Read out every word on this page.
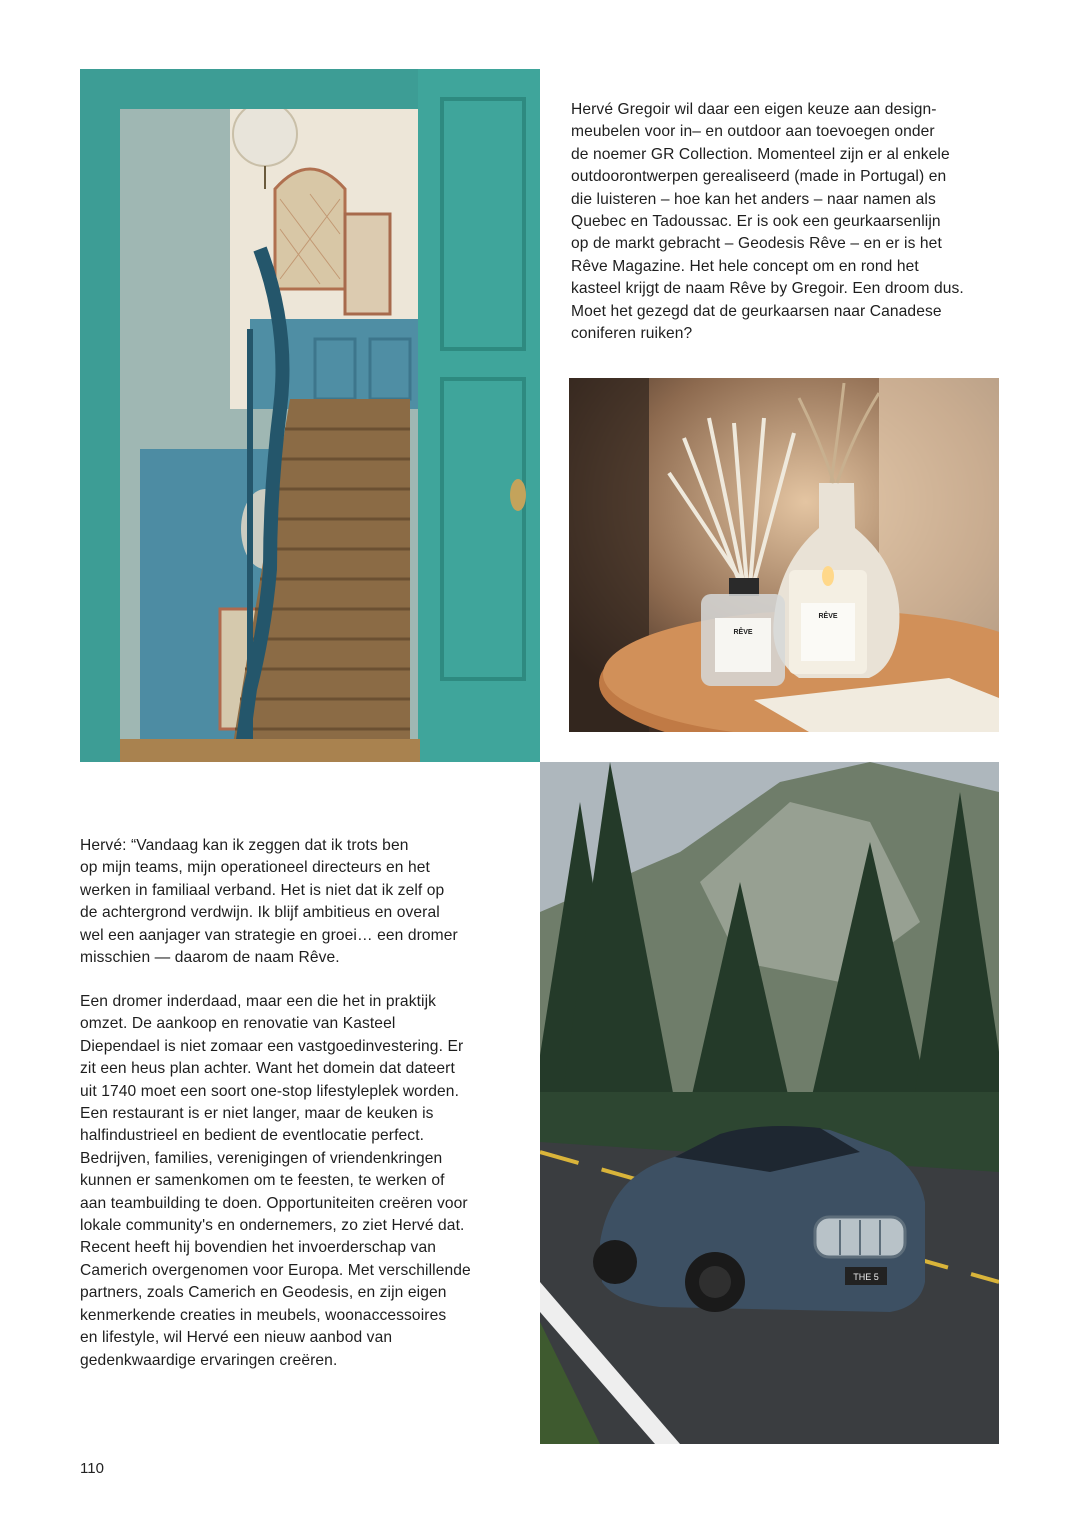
Hervé Gregoir wil daar een eigen keuze aan design-
meubelen voor in– en outdoor aan toevoegen onder
de noemer GR Collection. Momenteel zijn er al enkele
outdoorontwerpen gerealiseerd (made in Portugal) en
die luisteren – hoe kan het anders – naar namen als
Quebec en Tadoussac. Er is ook een geurkaarsenlijn
op de markt gebracht – Geodesis Rêve – en er is het
Rêve Magazine. Het hele concept om en rond het
kasteel krijgt de naam Rêve by Gregoir. Een droom dus.
Moet het gezegd dat de geurkaarsen naar Canadese
coniferen ruiken?

RÊVE
RÊVE

Hervé: “Vandaag kan ik zeggen dat ik trots ben
op mijn teams, mijn operationeel directeurs en het
werken in familiaal verband. Het is niet dat ik zelf op
de achtergrond verdwijn. Ik blijf ambitieus en overal
wel een aanjager van strategie en groei… een dromer
misschien — daarom de naam Rêve.

Een dromer inderdaad, maar een die het in praktijk
omzet. De aankoop en renovatie van Kasteel
Diependael is niet zomaar een vastgoedinvestering. Er
zit een heus plan achter. Want het domein dat dateert
uit 1740 moet een soort one-stop lifestyleplek worden.
Een restaurant is er niet langer, maar de keuken is
halfindustrieel en bedient de eventlocatie perfect.
Bedrijven, families, verenigingen of vriendenkringen
kunnen er samenkomen om te feesten, te werken of
aan teambuilding te doen. Opportuniteiten creëren voor
lokale community's en ondernemers, zo ziet Hervé dat.
Recent heeft hij bovendien het invoerderschap van
Camerich overgenomen voor Europa. Met verschillende
partners, zoals Camerich en Geodesis, en zijn eigen
kenmerkende creaties in meubels, woonaccessoires
en lifestyle, wil Hervé een nieuw aanbod van
gedenkwaardige ervaringen creëren.

THE 5
110
